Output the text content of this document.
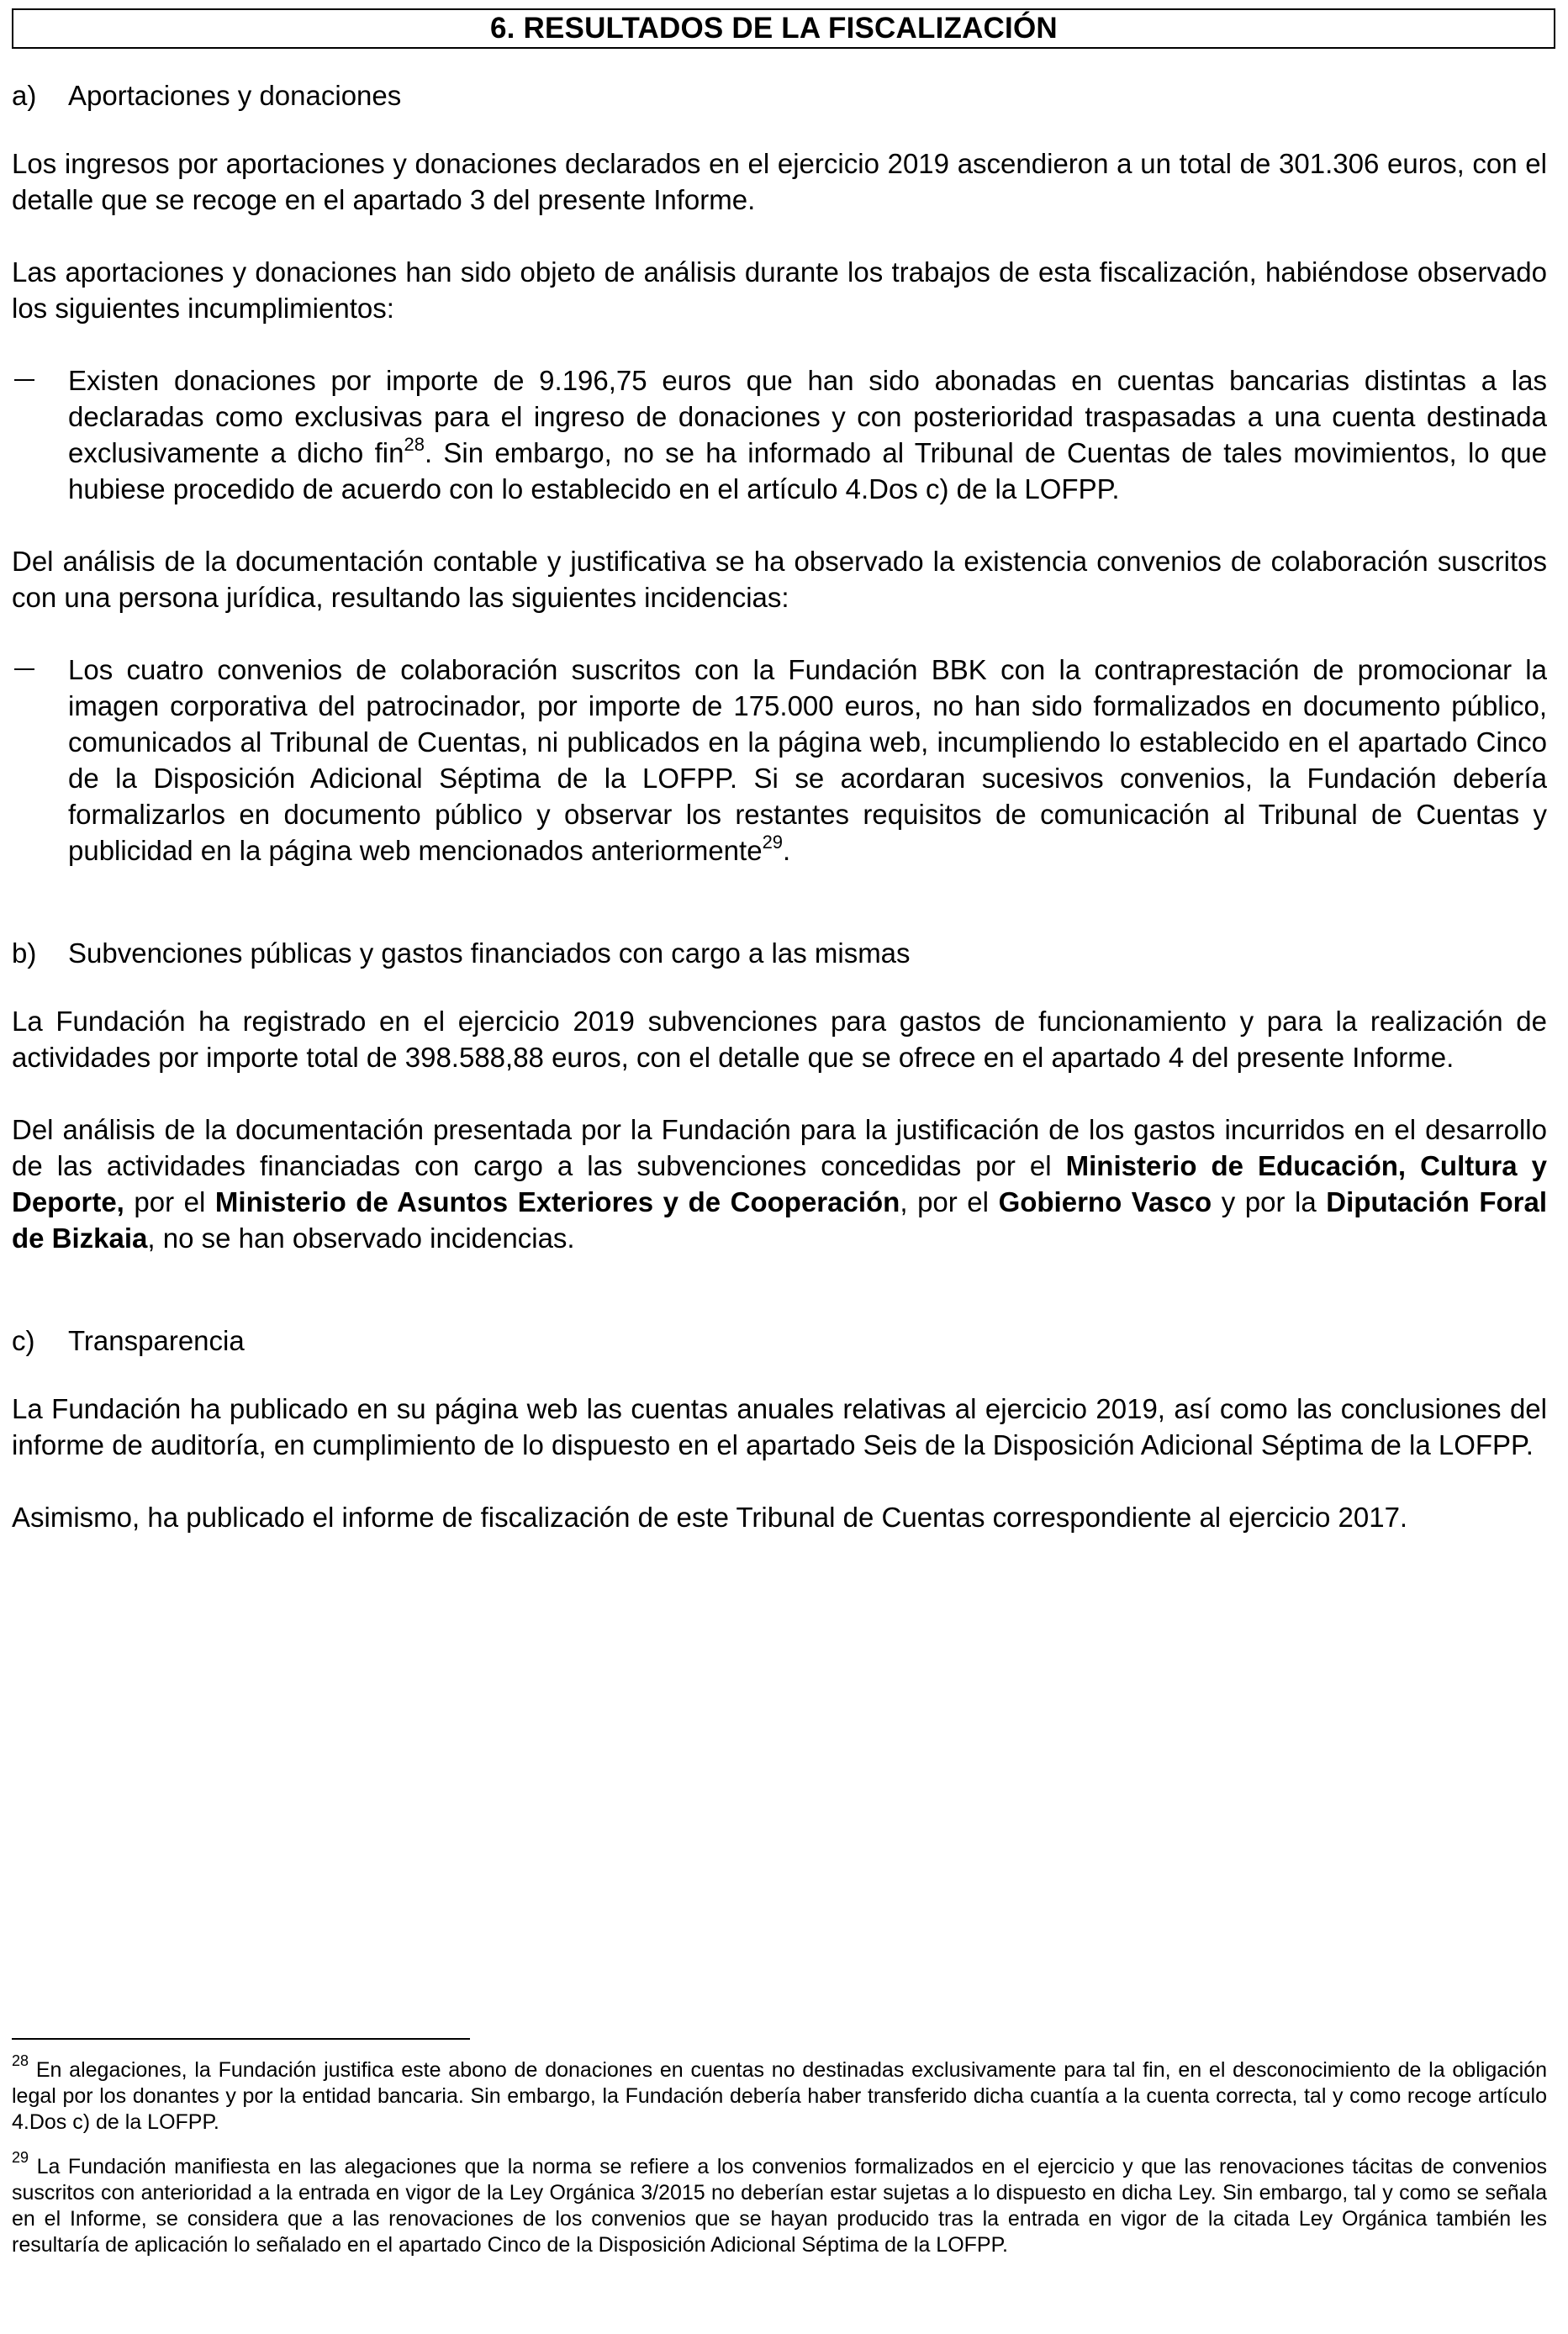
6. RESULTADOS DE LA FISCALIZACIÓN
a)	Aportaciones y donaciones

Los ingresos por aportaciones y donaciones declarados en el ejercicio 2019 ascendieron a un total de 301.306 euros, con el detalle que se recoge en el apartado 3 del presente Informe.

Las aportaciones y donaciones han sido objeto de análisis durante los trabajos de esta fiscalización, habiéndose observado los siguientes incumplimientos:

Existen donaciones por importe de 9.196,75 euros que han sido abonadas en cuentas bancarias distintas a las declaradas como exclusivas para el ingreso de donaciones y con posterioridad traspasadas a una cuenta destinada exclusivamente a dicho fin$^{28}$. Sin embargo, no se ha informado al Tribunal de Cuentas de tales movimientos, lo que hubiese procedido de acuerdo con lo establecido en el artículo 4.Dos c) de la LOFPP.

Del análisis de la documentación contable y justificativa se ha observado la existencia convenios de colaboración suscritos con una persona jurídica, resultando las siguientes incidencias:

Los cuatro convenios de colaboración suscritos con la Fundación BBK con la contraprestación de promocionar la imagen corporativa del patrocinador, por importe de 175.000 euros, no han sido formalizados en documento público, comunicados al Tribunal de Cuentas, ni publicados en la página web, incumpliendo lo establecido en el apartado Cinco de la Disposición Adicional Séptima de la LOFPP. Si se acordaran sucesivos convenios, la Fundación debería formalizarlos en documento público y observar los restantes requisitos de comunicación al Tribunal de Cuentas y publicidad en la página web mencionados anteriormente$^{29}$.
b)	Subvenciones públicas y gastos financiados con cargo a las mismas

La Fundación ha registrado en el ejercicio 2019 subvenciones para gastos de funcionamiento y para la realización de actividades por importe total de 398.588,88 euros, con el detalle que se ofrece en el apartado 4 del presente Informe.

Del análisis de la documentación presentada por la Fundación para la justificación de los gastos incurridos en el desarrollo de las actividades financiadas con cargo a las subvenciones concedidas por el Ministerio de Educación, Cultura y Deporte, por el Ministerio de Asuntos Exteriores y de Cooperación, por el Gobierno Vasco y por la Diputación Foral de Bizkaia, no se han observado incidencias.

c)	Transparencia

La Fundación ha publicado en su página web las cuentas anuales relativas al ejercicio 2019, así como las conclusiones del informe de auditoría, en cumplimiento de lo dispuesto en el apartado Seis de la Disposición Adicional Séptima de la LOFPP.

Asimismo, ha publicado el informe de fiscalización de este Tribunal de Cuentas correspondiente al ejercicio 2017.

$^{28}$ En alegaciones, la Fundación justifica este abono de donaciones en cuentas no destinadas exclusivamente para tal fin, en el desconocimiento de la obligación legal por los donantes y por la entidad bancaria. Sin embargo, la Fundación debería haber transferido dicha cuantía a la cuenta correcta, tal y como recoge artículo 4.Dos c) de la LOFPP.

$^{29}$ La Fundación manifiesta en las alegaciones que la norma se refiere a los convenios formalizados en el ejercicio y que las renovaciones tácitas de convenios suscritos con anterioridad a la entrada en vigor de la Ley Orgánica 3/2015 no deberían estar sujetas a lo dispuesto en dicha Ley. Sin embargo, tal y como se señala en el Informe, se considera que a las renovaciones de los convenios que se hayan producido tras la entrada en vigor de la citada Ley Orgánica también les resultaría de aplicación lo señalado en el apartado Cinco de la Disposición Adicional Séptima de la LOFPP.
